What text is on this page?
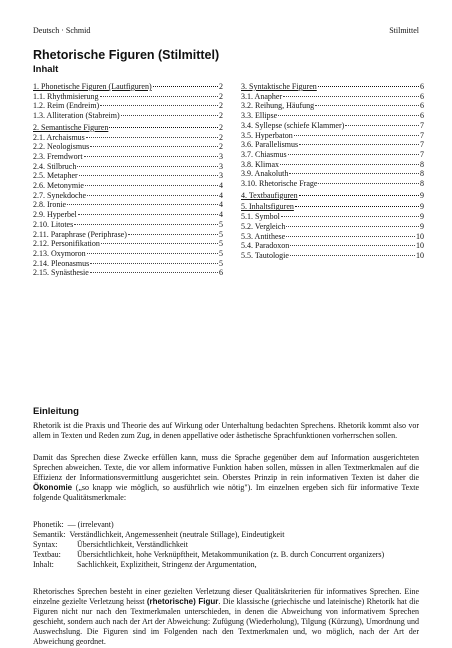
Deutsch · Schmid	Stilmittel
Rhetorische Figuren (Stilmittel)
Inhalt
1. Phonetische Figuren (Lautfiguren)	2
1.1. Rhythmisierung	2
1.2. Reim (Endreim)	2
1.3. Alliteration (Stabreim)	2
2. Semantische Figuren	2
2.1. Archaismus	2
2.2. Neologismus	2
2.3. Fremdwort	3
2.4. Stilbruch	3
2.5. Metapher	3
2.6. Metonymie	4
2.7. Synekdoche	4
2.8. Ironie	4
2.9. Hyperbel	4
2.10. Litotes	5
2.11. Paraphrase (Periphrase)	5
2.12. Personifikation	5
2.13. Oxymoron	5
2.14. Pleonasmus	5
2.15. Synästhesie	6
3. Syntaktische Figuren	6
3.1. Anapher	6
3.2. Reihung, Häufung	6
3.3. Ellipse	6
3.4. Syllepse (schiefe Klammer)	7
3.5. Hyperbaton	7
3.6. Parallelismus	7
3.7. Chiasmus	7
3.8. Klimax	8
3.9. Anakoluth	8
3.10. Rhetorische Frage	8
4. Textbaufiguren	9
5. Inhaltsfiguren	9
5.1. Symbol	9
5.2. Vergleich	9
5.3. Antithese	10
5.4. Paradoxon	10
5.5. Tautologie	10
Einleitung
Rhetorik ist die Praxis und Theorie des auf Wirkung oder Unterhaltung bedachten Sprechens. Rhetorik kommt also vor allem in Texten und Reden zum Zug, in denen appellative oder ästhetische Sprachfunktionen vorherrschen sollen.
Damit das Sprechen diese Zwecke erfüllen kann, muss die Sprache gegenüber dem auf Information ausgerichteten Sprechen abweichen. Texte, die vor allem informative Funktion haben sollen, müssen in allen Textmerkmalen auf die Effizienz der Informationsvermittlung ausgerichtet sein. Oberstes Prinzip in rein informativen Texten ist daher die Ökonomie („so knapp wie möglich, so ausführlich wie nötig"). Im einzelnen ergeben sich für informative Texte folgende Qualitätsmerkmale:
Phonetik: — (irrelevant)
Semantik: Verständlichkeit, Angemessenheit (neutrale Stillage), Eindeutigkeit
Syntax:	Übersichtlichkeit, Verständlichkeit
Textbau:	Übersichtlichkeit, hohe Verknüpftheit, Metakommunikation (z. B. durch Concurrent organizers)
Inhalt:	Sachlichkeit, Explizitheit, Stringenz der Argumentation,
Rhetorisches Sprechen besteht in einer gezielten Verletzung dieser Qualitätskriterien für informatives Sprechen. Eine einzelne gezielte Verletzung heisst (rhetorische) Figur. Die klassische (griechische und lateinische) Rhetorik hat die Figuren nicht nur nach den Textmerkmalen unterschieden, in denen die Abweichung von informativem Sprechen geschieht, sondern auch nach der Art der Abweichung: Zufügung (Wiederholung), Tilgung (Kürzung), Umordnung und Auswechslung. Die Figuren sind im Folgenden nach den Textmerkmalen und, wo möglich, nach der Art der Abweichung geordnet.
